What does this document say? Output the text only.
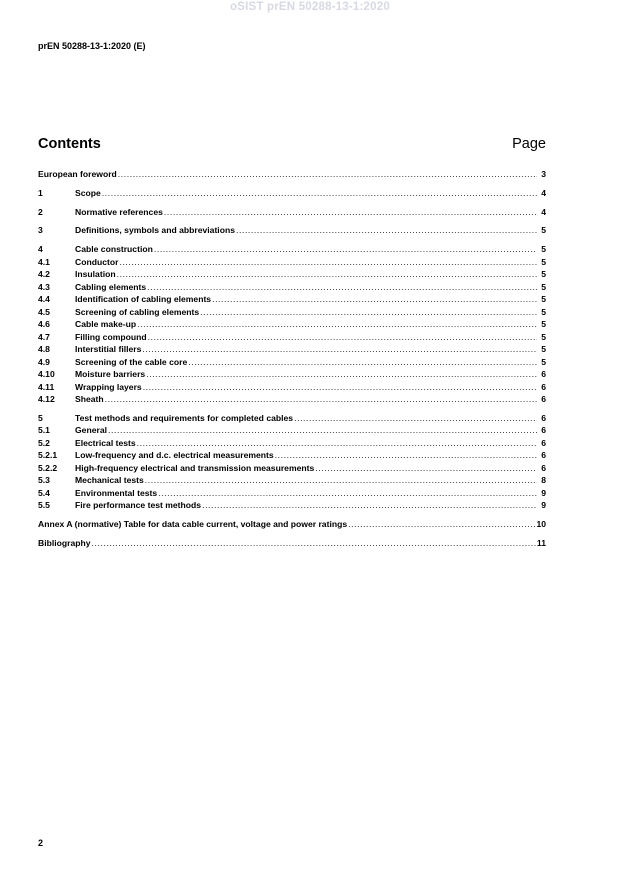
oSIST prEN 50288-13-1:2020
prEN 50288-13-1:2020 (E)
Contents	Page
European foreword .....	3
1	Scope .....	4
2	Normative references .....	4
3	Definitions, symbols and abbreviations .....	5
4	Cable construction .....	5
4.1	Conductor .....	5
4.2	Insulation .....	5
4.3	Cabling elements .....	5
4.4	Identification of cabling elements .....	5
4.5	Screening of cabling elements .....	5
4.6	Cable make-up .....	5
4.7	Filling compound .....	5
4.8	Interstitial fillers .....	5
4.9	Screening of the cable core .....	5
4.10	Moisture barriers .....	6
4.11	Wrapping layers .....	6
4.12	Sheath .....	6
5	Test methods and requirements for completed cables .....	6
5.1	General .....	6
5.2	Electrical tests .....	6
5.2.1	Low-frequency and d.c. electrical measurements .....	6
5.2.2	High-frequency electrical and transmission measurements .....	6
5.3	Mechanical tests .....	8
5.4	Environmental tests .....	9
5.5	Fire performance test methods .....	9
Annex A (normative) Table for data cable current, voltage and power ratings .....	10
Bibliography .....	11
2
